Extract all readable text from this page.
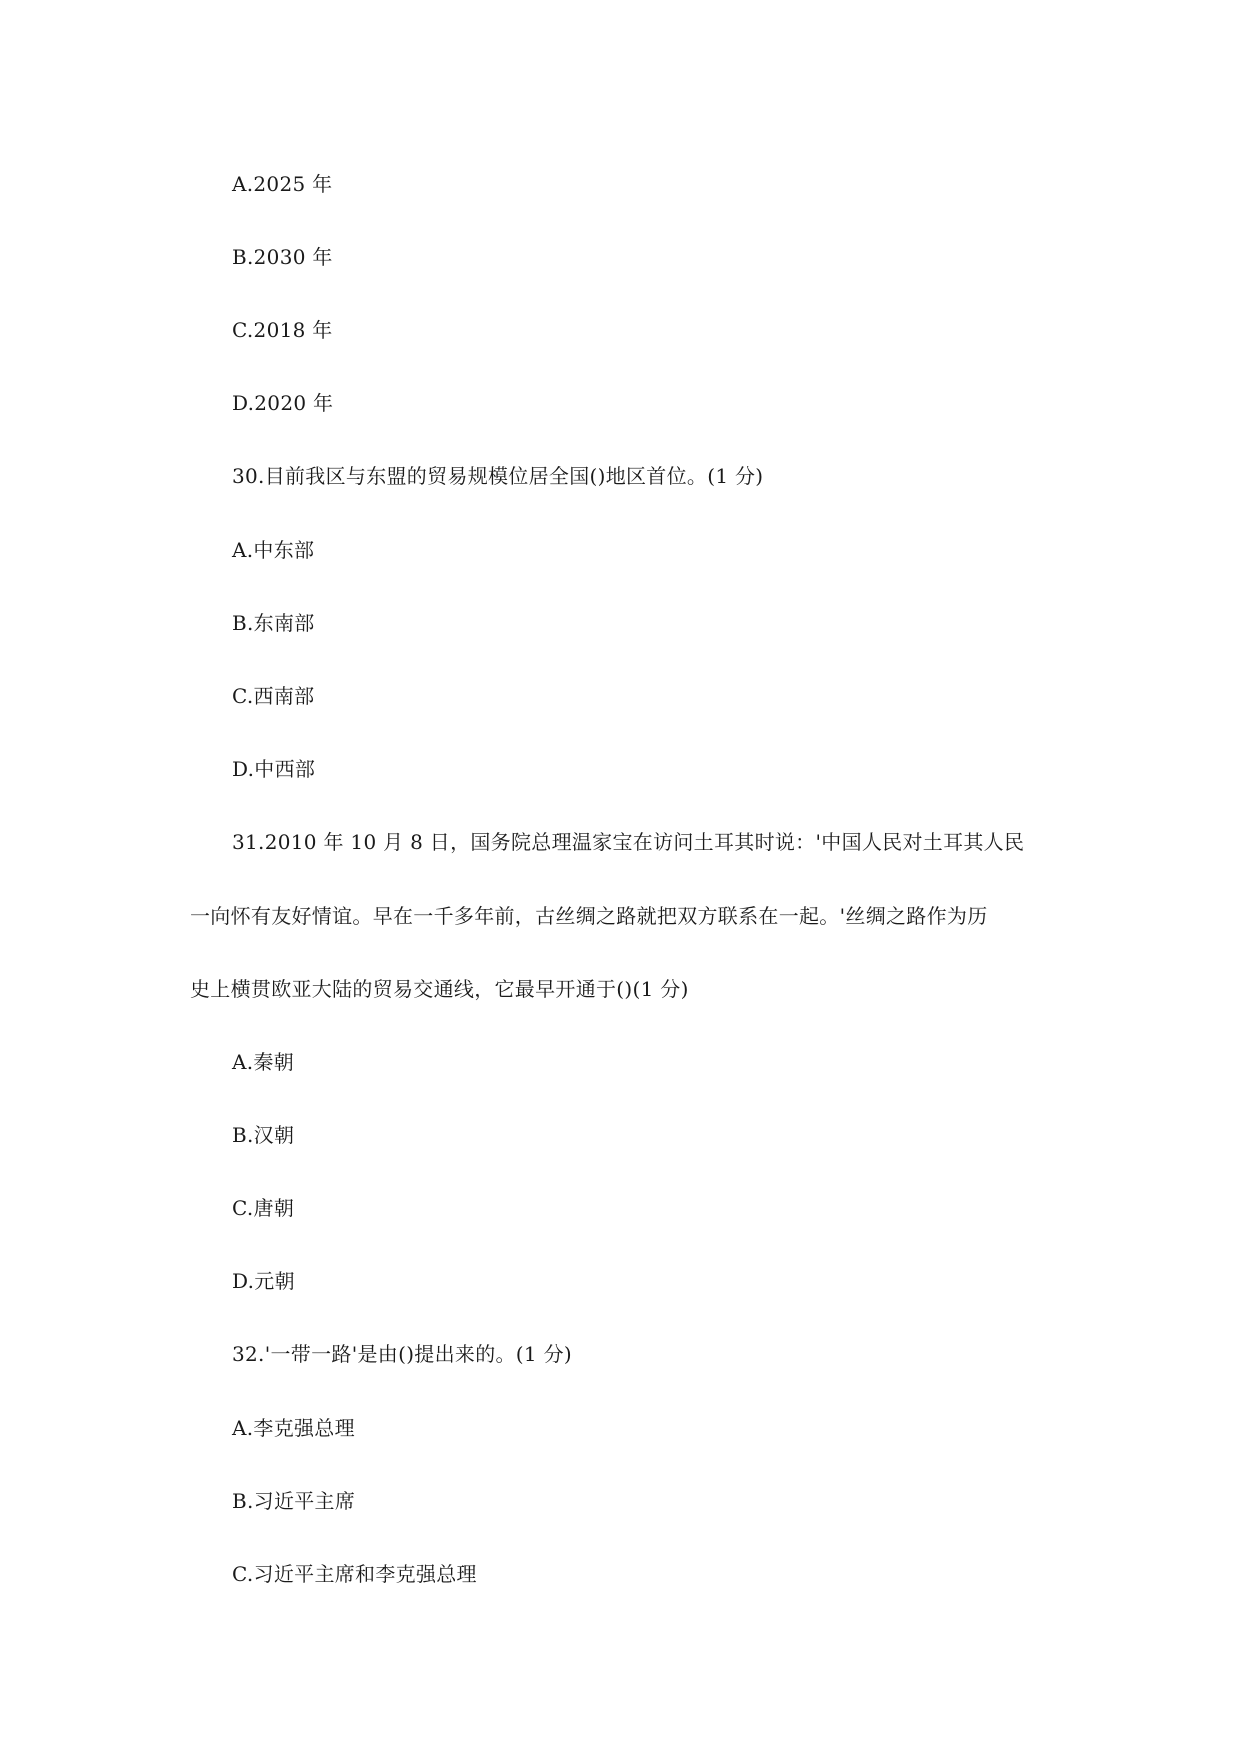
A.2025 年
B.2030 年
C.2018 年
D.2020 年
30.目前我区与东盟的贸易规模位居全国()地区首位。(1 分)
A.中东部
B.东南部
C.西南部
D.中西部
31.2010 年 10 月 8 日，国务院总理温家宝在访问土耳其时说：'中国人民对土耳其人民
一向怀有友好情谊。早在一千多年前，古丝绸之路就把双方联系在一起。'丝绸之路作为历
史上横贯欧亚大陆的贸易交通线，它最早开通于()(1 分)
A.秦朝
B.汉朝
C.唐朝
D.元朝
32.'一带一路'是由()提出来的。(1 分)
A.李克强总理
B.习近平主席
C.习近平主席和李克强总理
